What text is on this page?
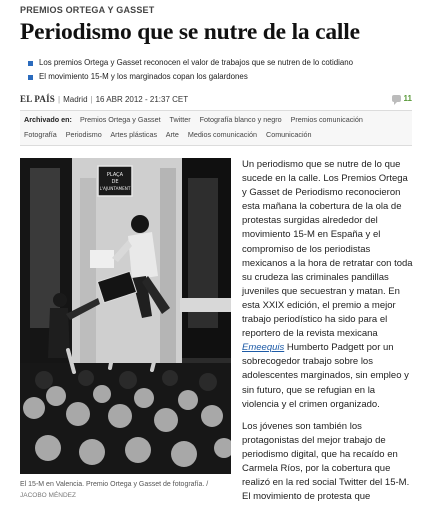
PREMIOS ORTEGA Y GASSET
Periodismo que se nutre de la calle
Los premios Ortega y Gasset reconocen el valor de trabajos que se nutren de lo cotidiano
El movimiento 15-M y los marginados copan los galardones
EL PAÍS | Madrid | 16 ABR 2012 - 21:37 CET	11
Archivado en: Premios Ortega y Gasset Twitter Fotografía blanco y negro Premios comunicación
Fotografía Periodismo Artes plásticas Arte Medios comunicación Comunicación
PLAÇA
DE
L'AJUNTAMENT
El 15-M en Valencia. Premio Ortega y Gasset de fotografía. /
JACOBO MÉNDEZ

Un periodismo que se nutre de lo que sucede en la calle. Los Premios Ortega y Gasset de Periodismo reconocieron esta mañana la cobertura de la ola de protestas surgidas alrededor del movimiento 15-M en España y el compromiso de los periodistas mexicanos a la hora de retratar con toda su crudeza las criminales pandillas juveniles que secuestran y matan. En esta XXIX edición, el premio a mejor trabajo periodístico ha sido para el reportero de la revista mexicana Emeequis Humberto Padgett por un sobrecogedor trabajo sobre los adolescentes marginados, sin empleo y sin futuro, que se refugian en la violencia y el crimen organizado.

Los jóvenes son también los protagonistas del mejor trabajo de periodismo digital, que ha recaído en Carmela Ríos, por la cobertura que realizó en la red social Twitter del 15-M. El movimiento de protesta que
